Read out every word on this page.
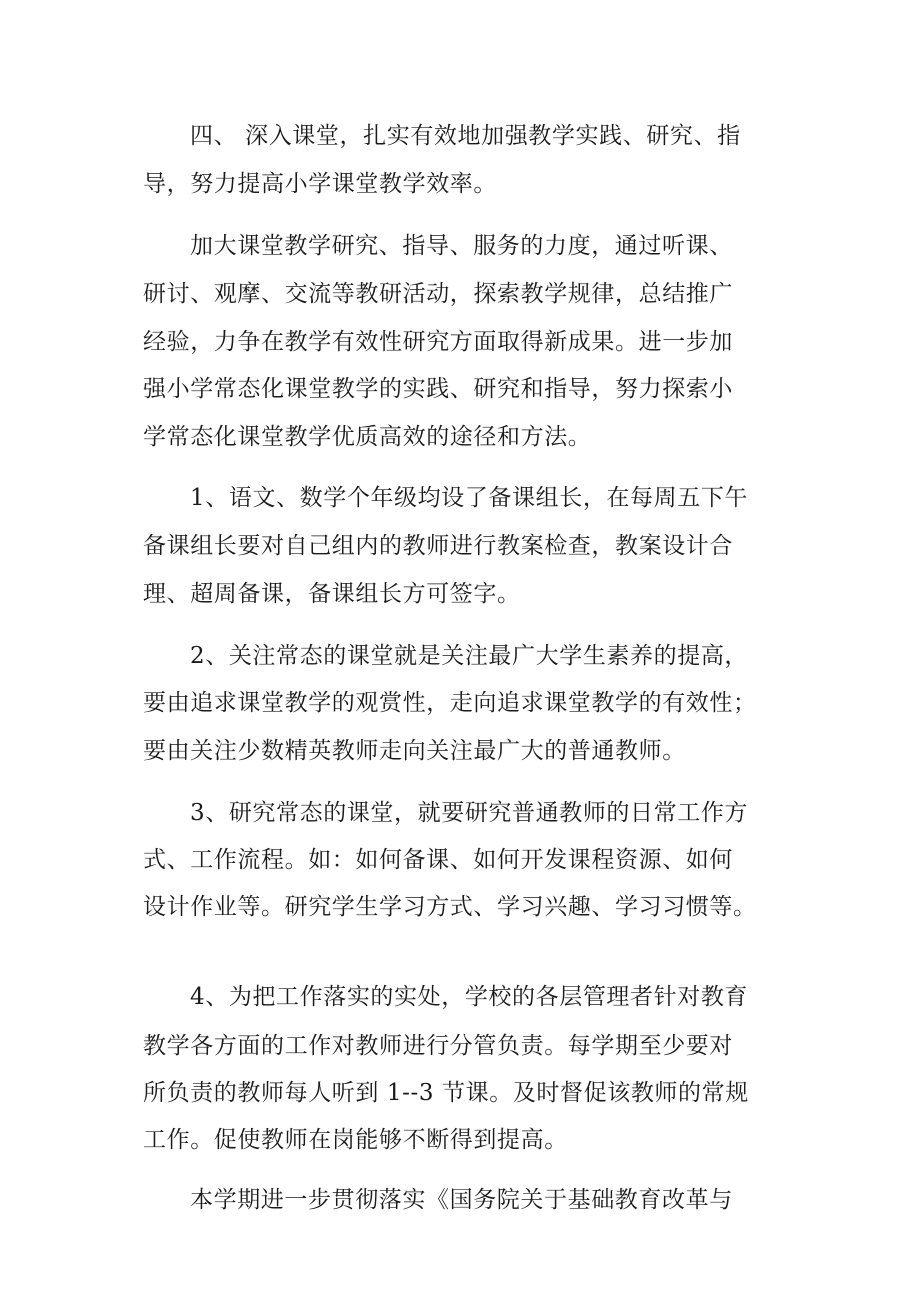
四、 深入课堂，扎实有效地加强教学实践、研究、指
导，努力提高小学课堂教学效率。
加大课堂教学研究、指导、服务的力度，通过听课、
研讨、观摩、交流等教研活动，探索教学规律，总结推广
经验，力争在教学有效性研究方面取得新成果。进一步加
强小学常态化课堂教学的实践、研究和指导，努力探索小
学常态化课堂教学优质高效的途径和方法。
1、语文、数学个年级均设了备课组长，在每周五下午
备课组长要对自己组内的教师进行教案检查，教案设计合
理、超周备课，备课组长方可签字。
2、关注常态的课堂就是关注最广大学生素养的提高，
要由追求课堂教学的观赏性，走向追求课堂教学的有效性；
要由关注少数精英教师走向关注最广大的普通教师。
3、研究常态的课堂，就要研究普通教师的日常工作方
式、工作流程。如：如何备课、如何开发课程资源、如何
设计作业等。研究学生学习方式、学习兴趣、学习习惯等。
4、为把工作落实的实处，学校的各层管理者针对教育
教学各方面的工作对教师进行分管负责。每学期至少要对
所负责的教师每人听到 1--3 节课。及时督促该教师的常规
工作。促使教师在岗能够不断得到提高。
本学期进一步贯彻落实《国务院关于基础教育改革与
